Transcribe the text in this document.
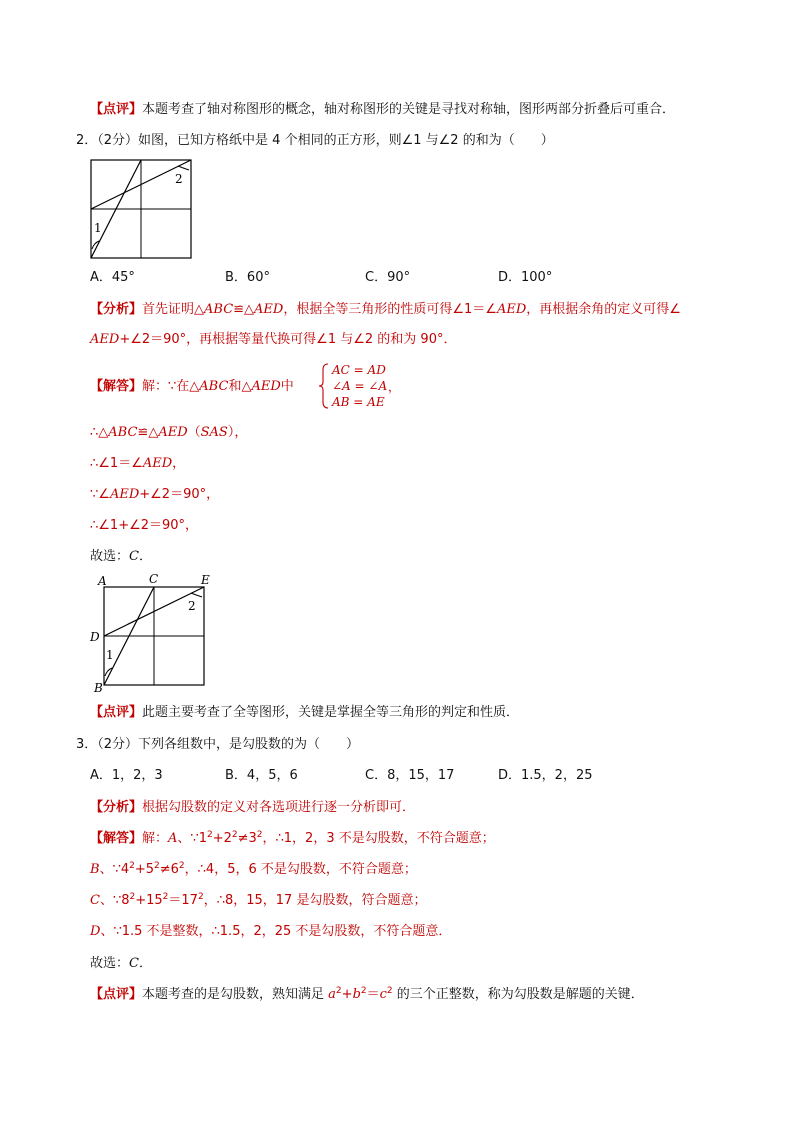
【点评】本题考查了轴对称图形的概念，轴对称图形的关键是寻找对称轴，图形两部分折叠后可重合．
2．（2分）如图，已知方格纸中是 4 个相同的正方形，则∠1 与∠2 的和为（　　）
1
2
A．45°	B．60°	C．90°	D．100°
【分析】首先证明△ABC≌△AED，根据全等三角形的性质可得∠1＝∠AED，再根据余角的定义可得∠
AED+∠2＝90°，再根据等量代换可得∠1 与∠2 的和为 90°．
【解答】解：∵在△ABC和△AED中
AC = AD
∠A = ∠A
AB = AE
，
∴△ABC≌△AED（SAS），
∴∠1＝∠AED，
∵∠AED+∠2＝90°，
∴∠1+∠2＝90°，
故选：C．
A	C	E
D
B
1
2
【点评】此题主要考查了全等图形，关键是掌握全等三角形的判定和性质．
3．（2分）下列各组数中，是勾股数的为（　　）
A．1，2，3	B．4，5，6	C．8，15，17	D．1.5，2，25
【分析】根据勾股数的定义对各选项进行逐一分析即可．
【解答】解：A、$\because 1^2+2^2\ne 3^2$，∴1，2，3 不是勾股数，不符合题意；
B、$\because 4^2+5^2\ne 6^2$，∴4，5，6 不是勾股数，不符合题意；
C、$\because 8^2+15^2=17^2$，∴8，15，17 是勾股数，符合题意；
D、∵1.5 不是整数，∴1.5，2，25 不是勾股数，不符合题意．
故选：C．
【点评】本题考查的是勾股数，熟知满足 $a^2+b^2=c^2$ 的三个正整数，称为勾股数是解题的关键．
